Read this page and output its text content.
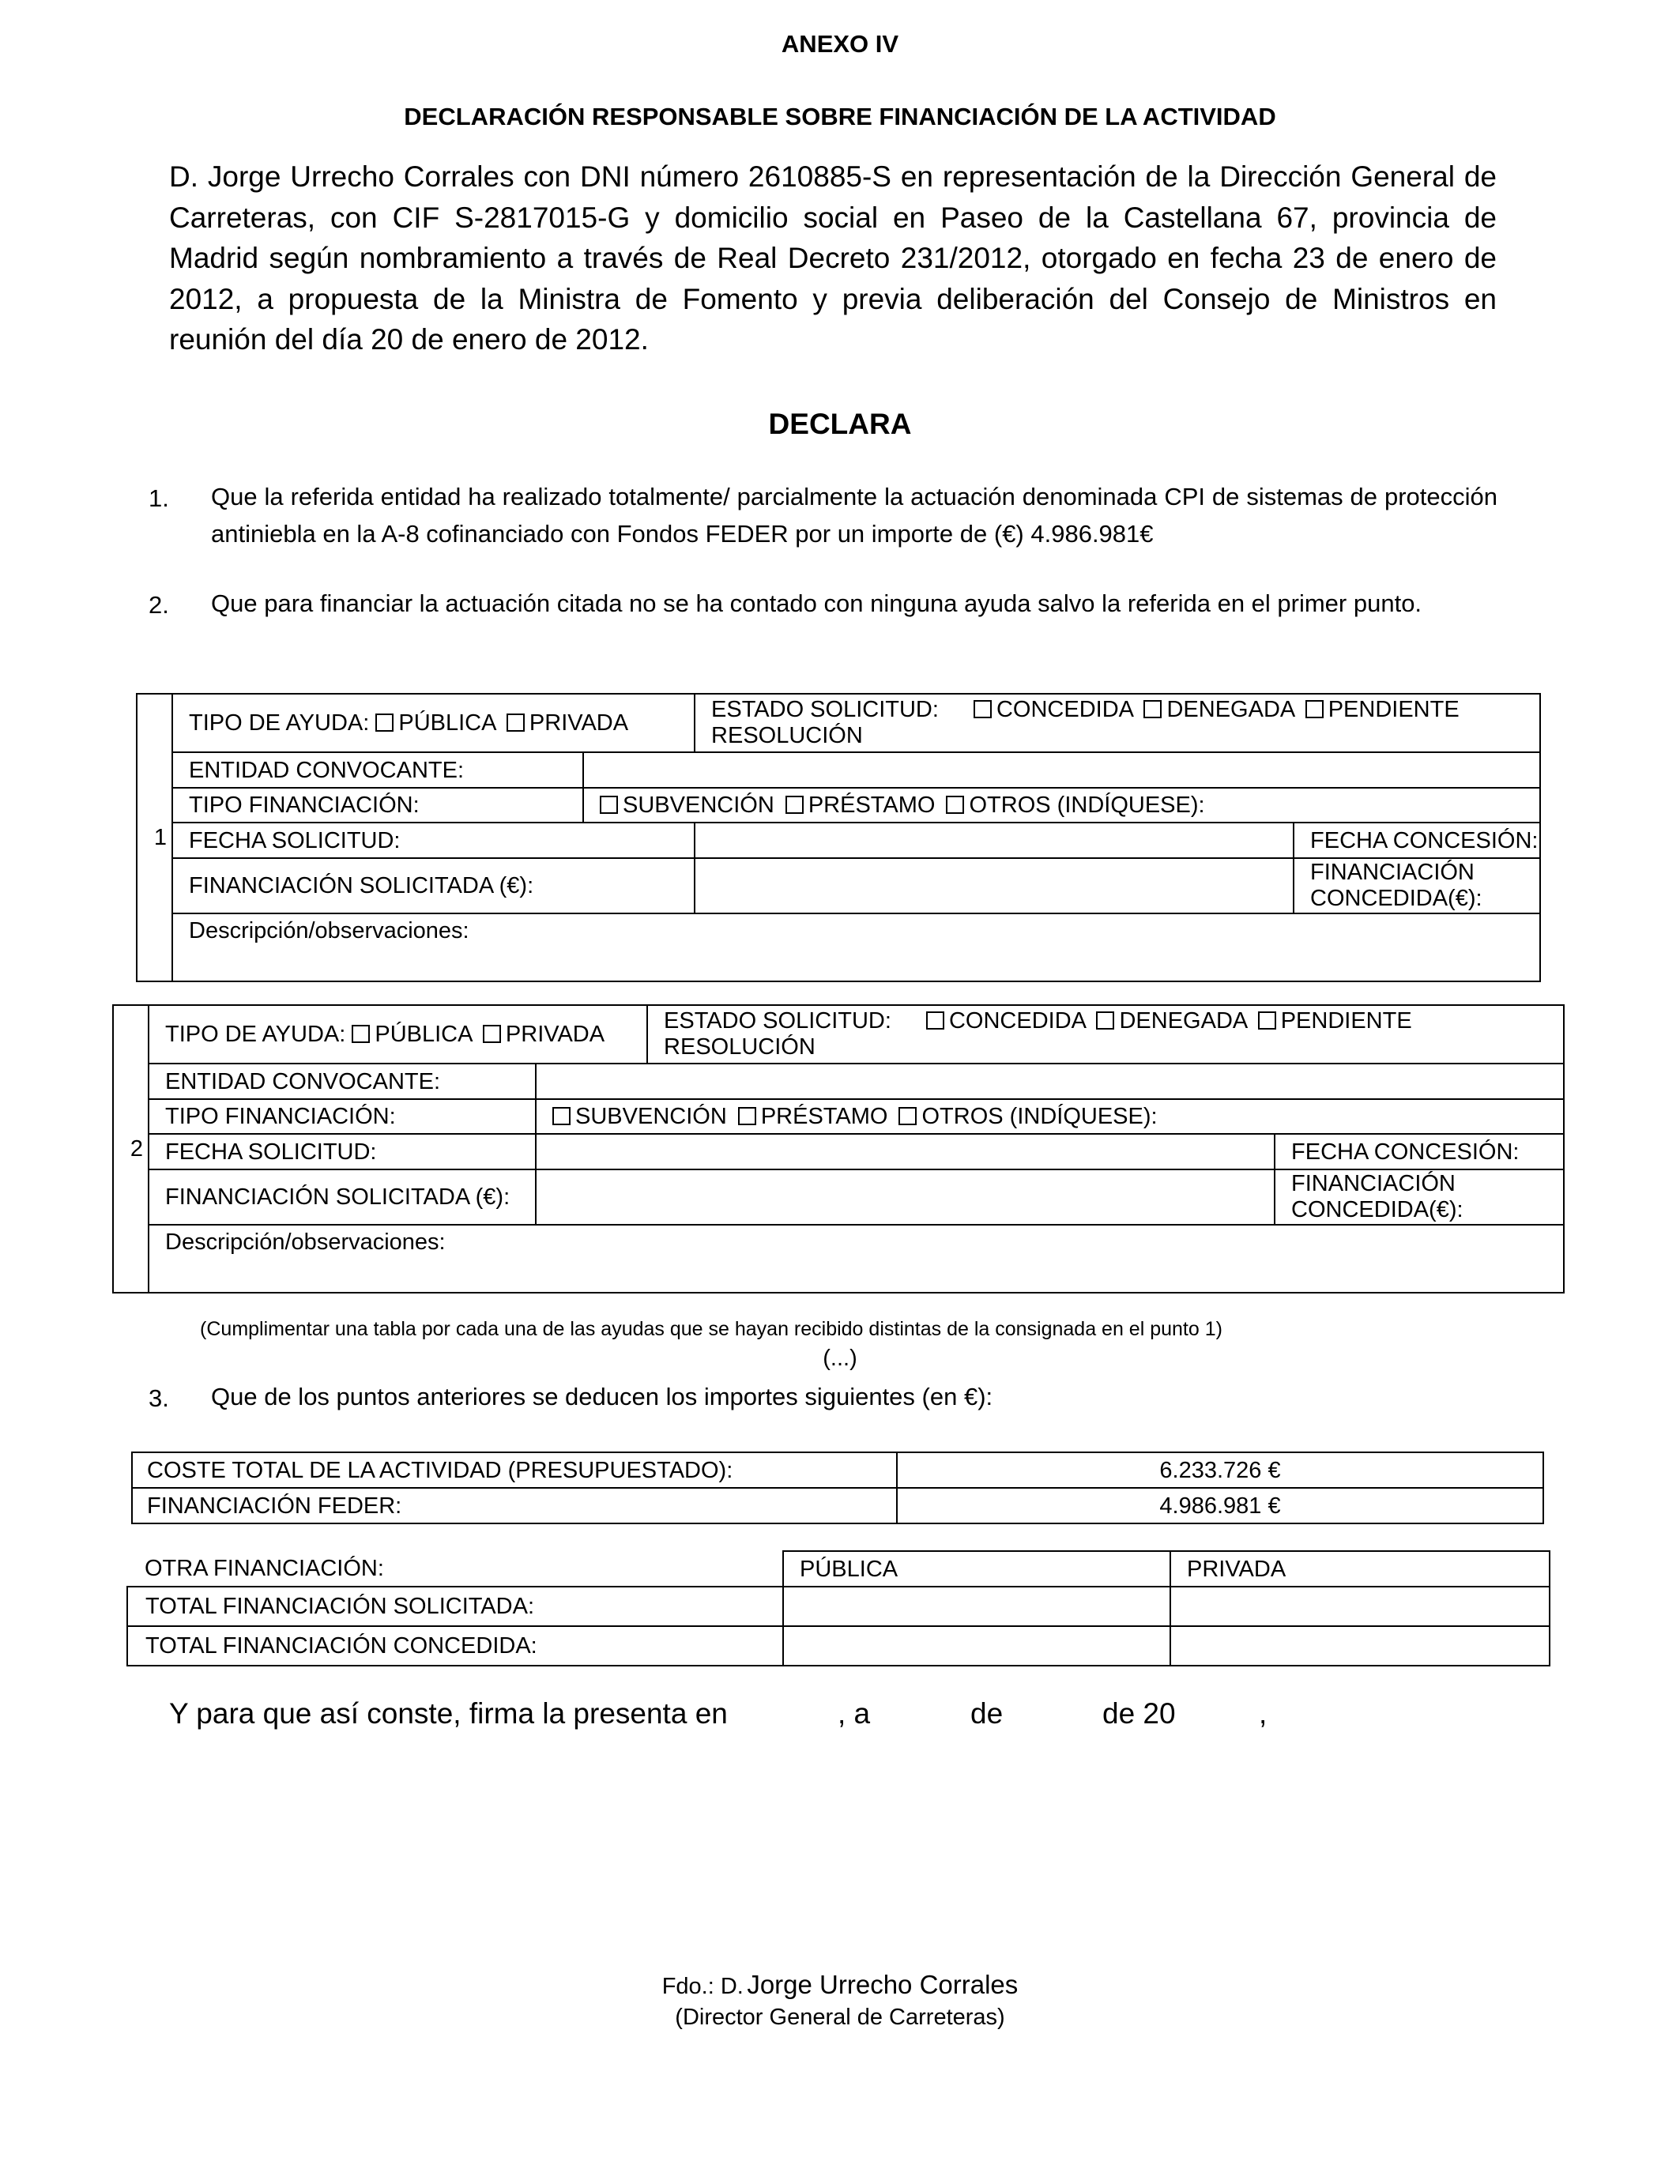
ANEXO IV
DECLARACIÓN RESPONSABLE SOBRE FINANCIACIÓN DE LA ACTIVIDAD
D. Jorge Urrecho Corrales con DNI número 2610885-S en representación de la Dirección General de Carreteras, con CIF S-2817015-G y domicilio social en Paseo de la Castellana 67, provincia de Madrid según nombramiento a través de Real Decreto 231/2012, otorgado en fecha 23 de enero de 2012, a propuesta de la Ministra de Fomento y previa deliberación del Consejo de Ministros en reunión del día 20 de enero de 2012.
DECLARA
1. Que la referida entidad ha realizado totalmente/ parcialmente la actuación denominada CPI de sistemas de protección antiniebla en la A-8 cofinanciado con Fondos FEDER por un importe de (€) 4.986.981€
2. Que para financiar la actuación citada no se ha contado con ninguna ayuda salvo la referida en el primer punto.
1	TIPO DE AYUDA: PÚBLICA PRIVADA		ESTADO SOLICITUD: CONCEDIDA DENEGADA PENDIENTE
RESOLUCIÓN		
	ENTIDAD CONVOCANTE:				
	TIPO FINANCIACIÓN:	SUBVENCIÓN PRÉSTAMO OTROS (INDÍQUESE):			
	FECHA SOLICITUD:			FECHA CONCESIÓN:	
	FINANCIACIÓN SOLICITADA (€):			FINANCIACIÓN
CONCEDIDA(€):	
	Descripción/observaciones:				
2	TIPO DE AYUDA: PÚBLICA PRIVADA		ESTADO SOLICITUD: CONCEDIDA DENEGADA PENDIENTE
RESOLUCIÓN		
	ENTIDAD CONVOCANTE:				
	TIPO FINANCIACIÓN:	SUBVENCIÓN PRÉSTAMO OTROS (INDÍQUESE):			
	FECHA SOLICITUD:			FECHA CONCESIÓN:	
	FINANCIACIÓN SOLICITADA (€):			FINANCIACIÓN
CONCEDIDA(€):	
	Descripción/observaciones:				
(Cumplimentar una tabla por cada una de las ayudas que se hayan recibido distintas de la consignada en el punto 1)
(...)
3. Que de los puntos anteriores se deducen los importes siguientes (en €):
COSTE TOTAL DE LA ACTIVIDAD (PRESUPUESTADO):	6.233.726 €
FINANCIACIÓN FEDER:	4.986.981 €
OTRA FINANCIACIÓN:	PÚBLICA	PRIVADA
TOTAL FINANCIACIÓN SOLICITADA:		
TOTAL FINANCIACIÓN CONCEDIDA:		
Y para que así conste, firma la presenta en	, a	de	de 20	,
Fdo.: D. Jorge Urrecho Corrales
(Director General de Carreteras)
